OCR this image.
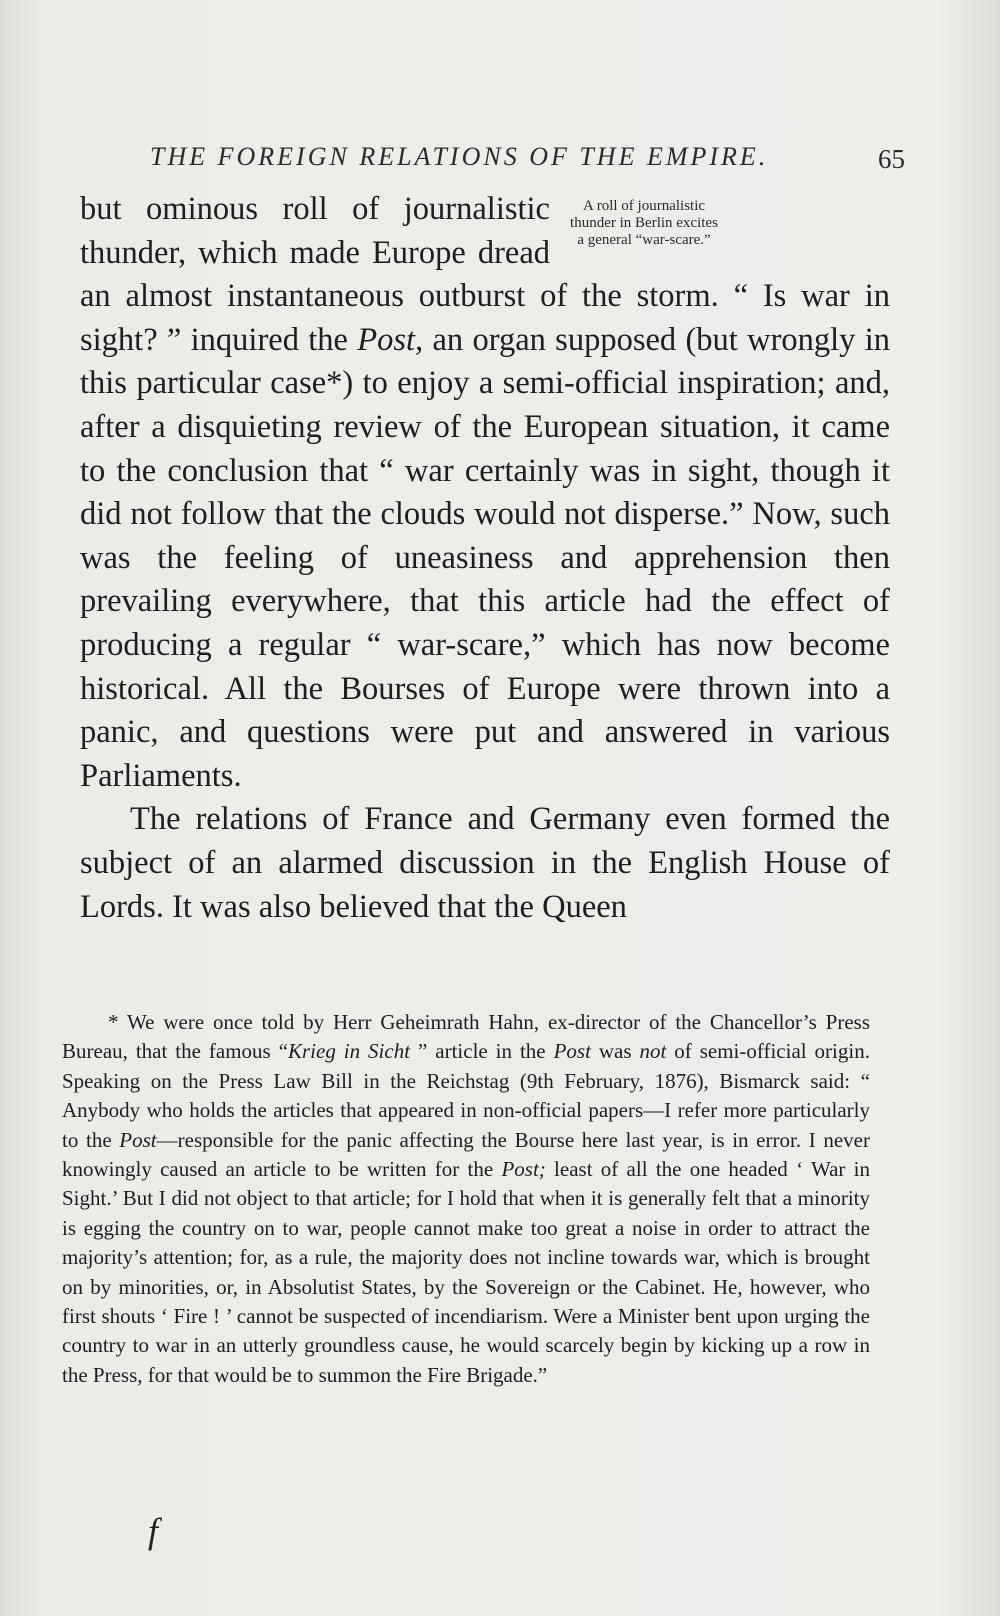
THE FOREIGN RELATIONS OF THE EMPIRE.	65

A roll of journalistic thunder in Berlin excites a general “war-scare.”
but ominous roll of journalistic thunder, which made Europe dread an almost instantaneous outburst of the storm. “ Is war in sight? ” inquired the Post, an organ supposed (but wrongly in this particular case*) to enjoy a semi-official inspiration; and, after a disquieting review of the European situation, it came to the conclusion that “ war certainly was in sight, though it did not follow that the clouds would not disperse.” Now, such was the feeling of uneasiness and apprehension then prevailing everywhere, that this article had the effect of producing a regular “ war-scare,” which has now become historical. All the Bourses of Europe were thrown into a panic, and questions were put and answered in various Parliaments.

The relations of France and Germany even formed the subject of an alarmed discussion in the English House of Lords. It was also believed that the Queen

* We were once told by Herr Geheimrath Hahn, ex-director of the Chancellor’s Press Bureau, that the famous “Krieg in Sicht ” article in the Post was not of semi-official origin. Speaking on the Press Law Bill in the Reichstag (9th February, 1876), Bismarck said: “ Anybody who holds the articles that appeared in non-official papers—I refer more particularly to the Post—responsible for the panic affecting the Bourse here last year, is in error. I never knowingly caused an article to be written for the Post; least of all the one headed ‘ War in Sight.’ But I did not object to that article; for I hold that when it is generally felt that a minority is egging the country on to war, people cannot make too great a noise in order to attract the majority’s attention; for, as a rule, the majority does not incline towards war, which is brought on by minorities, or, in Absolutist States, by the Sovereign or the Cabinet. He, however, who first shouts ‘ Fire ! ’ cannot be suspected of incendiarism. Were a Minister bent upon urging the country to war in an utterly groundless cause, he would scarcely begin by kicking up a row in the Press, for that would be to summon the Fire Brigade.”

f
